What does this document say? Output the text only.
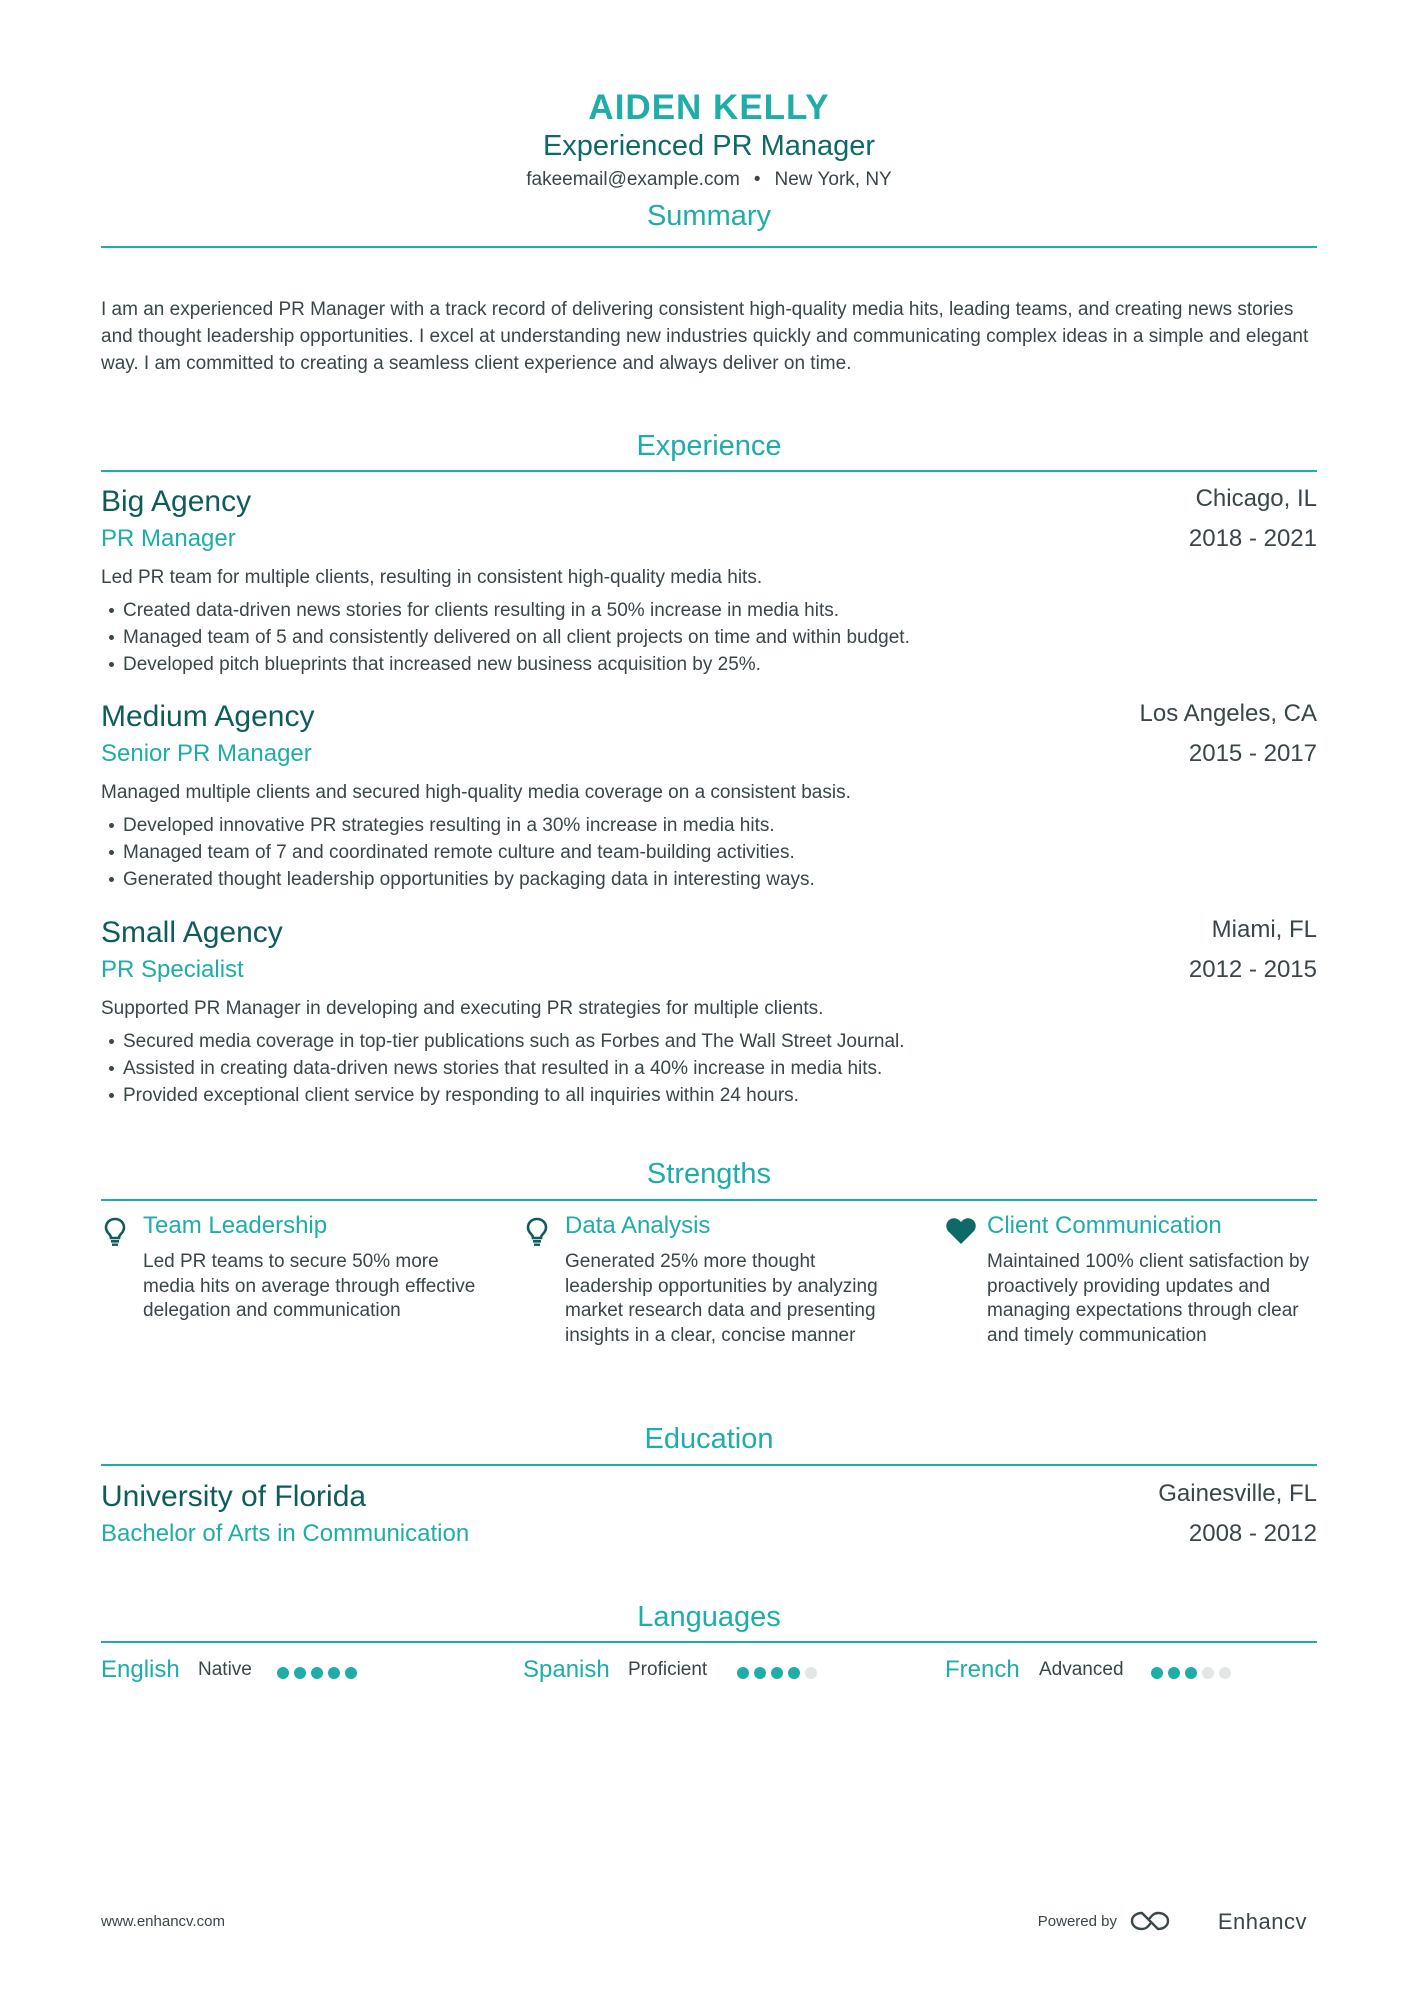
AIDEN KELLY
Experienced PR Manager
fakeemail@example.com • New York, NY
Summary
I am an experienced PR Manager with a track record of delivering consistent high-quality media hits, leading teams, and creating news stories and thought leadership opportunities. I excel at understanding new industries quickly and communicating complex ideas in a simple and elegant way. I am committed to creating a seamless client experience and always deliver on time.
Experience
Big Agency
PR Manager
Chicago, IL
2018 - 2021
Led PR team for multiple clients, resulting in consistent high-quality media hits.
Created data-driven news stories for clients resulting in a 50% increase in media hits.
Managed team of 5 and consistently delivered on all client projects on time and within budget.
Developed pitch blueprints that increased new business acquisition by 25%.
Medium Agency
Senior PR Manager
Los Angeles, CA
2015 - 2017
Managed multiple clients and secured high-quality media coverage on a consistent basis.
Developed innovative PR strategies resulting in a 30% increase in media hits.
Managed team of 7 and coordinated remote culture and team-building activities.
Generated thought leadership opportunities by packaging data in interesting ways.
Small Agency
PR Specialist
Miami, FL
2012 - 2015
Supported PR Manager in developing and executing PR strategies for multiple clients.
Secured media coverage in top-tier publications such as Forbes and The Wall Street Journal.
Assisted in creating data-driven news stories that resulted in a 40% increase in media hits.
Provided exceptional client service by responding to all inquiries within 24 hours.
Strengths
Team Leadership
Led PR teams to secure 50% more media hits on average through effective delegation and communication
Data Analysis
Generated 25% more thought leadership opportunities by analyzing market research data and presenting insights in a clear, concise manner
Client Communication
Maintained 100% client satisfaction by proactively providing updates and managing expectations through clear and timely communication
Education
University of Florida
Bachelor of Arts in Communication
Gainesville, FL
2008 - 2012
Languages
English Native	Spanish Proficient	French Advanced
www.enhancv.com	Powered by	Enhancv
